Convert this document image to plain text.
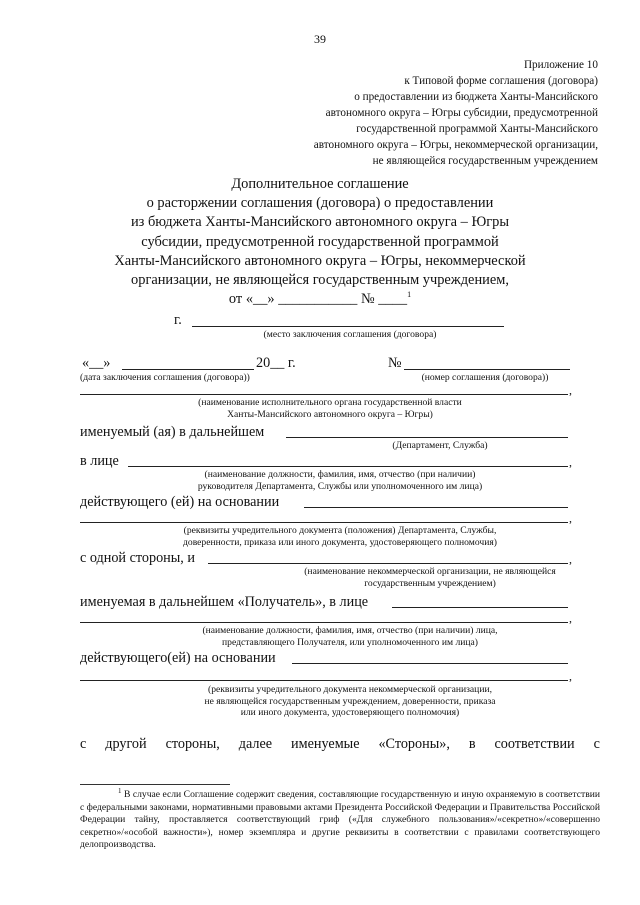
39
Приложение 10
к Типовой форме соглашения (договора)
о предоставлении из бюджета Ханты-Мансийского
автономного округа – Югры субсидии, предусмотренной
государственной программой Ханты-Мансийского
автономного округа – Югры, некоммерческой организации,
не являющейся государственным учреждением
Дополнительное соглашение
о расторжении соглашения (договора) о предоставлении
из бюджета Ханты-Мансийского автономного округа – Югры
субсидии, предусмотренной государственной программой
Ханты-Мансийского автономного округа – Югры, некоммерческой
организации, не являющейся государственным учреждением,
от «__» ___________ № ____$^1$
г.
(место заключения соглашения (договора)
«__»	20__ г.	№
(дата заключения соглашения (договора))	(номер соглашения (договора))
,
(наименование исполнительного органа государственной власти
Ханты-Мансийского автономного округа – Югры)
именуемый (ая) в дальнейшем
(Департамент, Служба)
в лице	,
(наименование должности, фамилия, имя, отчество (при наличии)
руководителя Департамента, Службы или уполномоченного им лица)
действующего (ей) на основании
,
(реквизиты учредительного документа (положения) Департамента, Службы,
доверенности, приказа или иного документа, удостоверяющего полномочия)
с одной стороны, и	,
(наименование некоммерческой организации, не являющейся
государственным учреждением)
именуемая в дальнейшем «Получатель», в лице
,
(наименование должности, фамилия, имя, отчество (при наличии) лица,
представляющего Получателя, или уполномоченного им лица)
действующего(ей) на основании
,
(реквизиты учредительного документа некоммерческой организации,
не являющейся государственным учреждением, доверенности, приказа
или иного документа, удостоверяющего полномочия)
с другой стороны, далее именуемые «Стороны», в соответствии с
$^1$ В случае если Соглашение содержит сведения, составляющие государственную и иную охраняемую в соответствии с федеральными законами, нормативными правовыми актами Президента Российской Федерации и Правительства Российской Федерации тайну, проставляется соответствующий гриф («Для служебного пользования»/«секретно»/«совершенно секретно»/«особой важности»), номер экземпляра и другие реквизиты в соответствии с правилами соответствующего делопроизводства.
